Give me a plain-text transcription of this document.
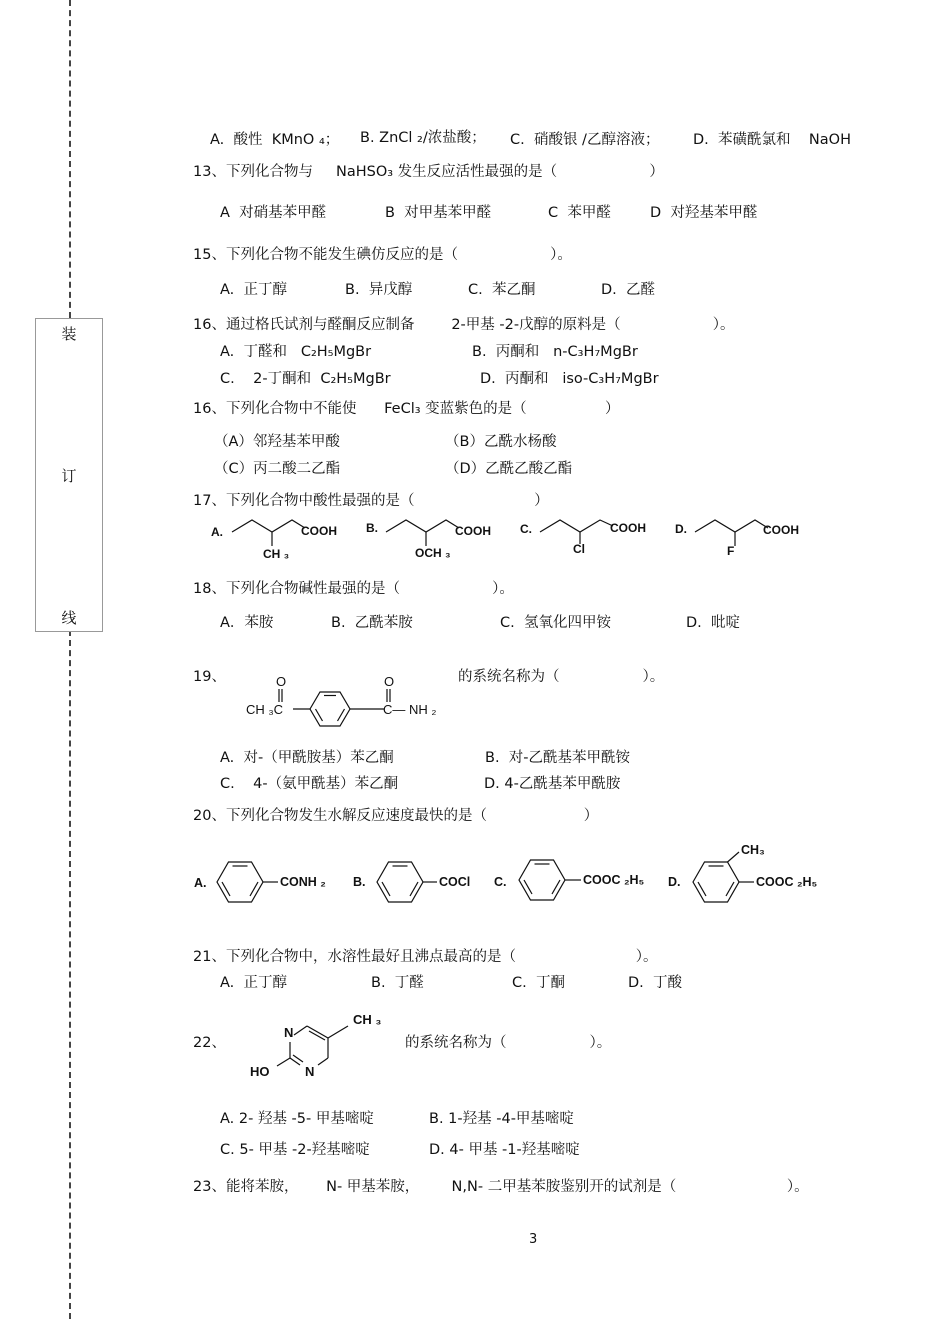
装
订
线
A.  酸性  KMnO ₄； B. ZnCl ₂/浓盐酸； C.  硝酸银 /乙醇溶液； D.  苯磺酰氯和    NaOH
13、下列化合物与     NaHSO₃ 发生反应活性最强的是（                    ）
A  对硝基苯甲醛	B  对甲基苯甲醛	C  苯甲醛	D  对羟基苯甲醛
15、下列化合物不能发生碘仿反应的是（                    ）。
A.  正丁醇	B.  异戊醇	C.  苯乙酮	D.  乙醛
16、通过格氏试剂与醛酮反应制备        2-甲基 -2-戊醇的原料是（                    ）。
A.  丁醛和   C₂H₅MgBr	B.  丙酮和   n-C₃H₇MgBr
C.    2-丁酮和  C₂H₅MgBr	D.  丙酮和   iso-C₃H₇MgBr
16、下列化合物中不能使      FeCl₃ 变蓝紫色的是（                 ）
（A）邻羟基苯甲酸	（B）乙酰水杨酸
（C）丙二酸二乙酯	（D）乙酰乙酸乙酯
17、下列化合物中酸性最强的是（                          ）
A.	COOH
CH ₃
B.	COOH
OCH ₃
C.	COOH
Cl
D.	COOH
F
18、下列化合物碱性最强的是（                    ）。
A．苯胺	B.  乙酰苯胺	C.  氢氧化四甲铵	D.  吡啶
19、	O	O
CH ₃C	C— NH ₂
的系统名称为（                  ）。
A.  对-（甲酰胺基）苯乙酮	B.  对-乙酰基苯甲酰铵
C.    4-（氨甲酰基）苯乙酮	D. 4-乙酰基苯甲酰胺
20、下列化合物发生水解反应速度最快的是（                     ）
A.	CONH ₂ B.	COCl C.	COOC ₂H₅ D.	COOC ₂H₅
CH₃
21、下列化合物中，水溶性最好且沸点最高的是（                          ）。
A.  正丁醇	B.  丁醛	C.  丁酮	D.  丁酸
22、
N
N
CH ₃
HO
的系统名称为（                  ）。
A. 2- 羟基 -5- 甲基嘧啶	B. 1-羟基 -4-甲基嘧啶
C. 5- 甲基 -2-羟基嘧啶	D. 4- 甲基 -1-羟基嘧啶
23、能将苯胺，      N- 甲基苯胺，       N,N- 二甲基苯胺鉴别开的试剂是（                        ）。
3
